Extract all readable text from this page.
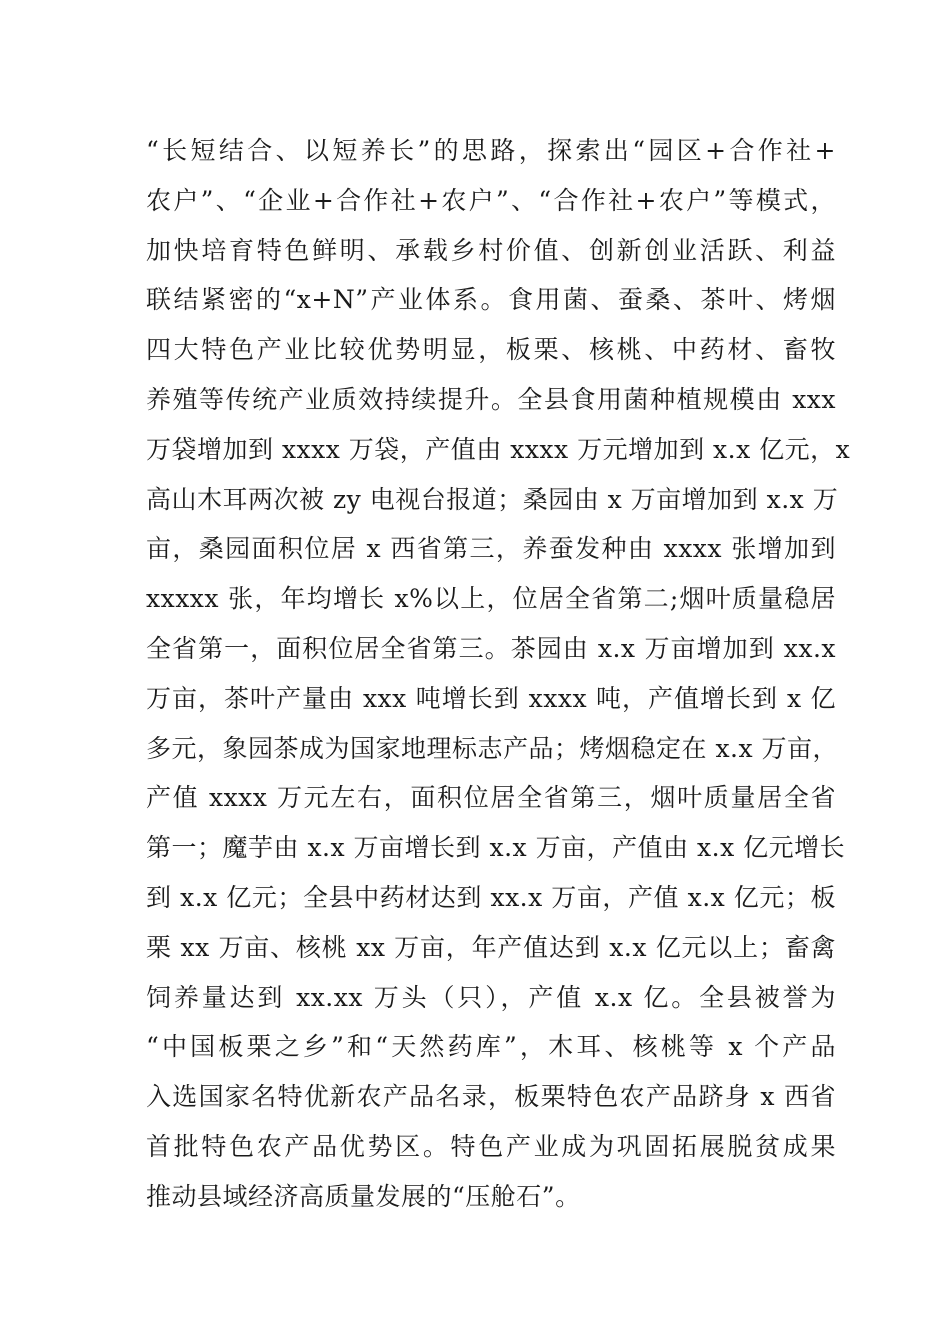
“长短结合、以短养长”的思路，探索出“园区+合作社+
农户”、“企业+合作社+农户”、“合作社+农户”等模式，
加快培育特色鲜明、承载乡村价值、创新创业活跃、利益
联结紧密的“x+N”产业体系。食用菌、蚕桑、茶叶、烤烟
四大特色产业比较优势明显，板栗、核桃、中药材、畜牧
养殖等传统产业质效持续提升。全县食用菌种植规模由 xxx
万袋增加到 xxxx 万袋，产值由 xxxx 万元增加到 x.x 亿元，x
高山木耳两次被 zy 电视台报道；桑园由 x 万亩增加到 x.x 万
亩，桑园面积位居 x 西省第三，养蚕发种由 xxxx 张增加到
xxxxx 张，年均增长 x%以上，位居全省第二;烟叶质量稳居
全省第一，面积位居全省第三。茶园由 x.x 万亩增加到 xx.x
万亩，茶叶产量由 xxx 吨增长到 xxxx 吨，产值增长到 x 亿
多元，象园茶成为国家地理标志产品；烤烟稳定在 x.x 万亩，
产值 xxxx 万元左右，面积位居全省第三，烟叶质量居全省
第一；魔芋由 x.x 万亩增长到 x.x 万亩，产值由 x.x 亿元增长
到 x.x 亿元；全县中药材达到 xx.x 万亩，产值 x.x 亿元；板
栗 xx 万亩、核桃 xx 万亩，年产值达到 x.x 亿元以上；畜禽
饲养量达到 xx.xx 万头（只），产值 x.x 亿。全县被誉为
“中国板栗之乡”和“天然药库”，木耳、核桃等 x 个产品
入选国家名特优新农产品名录，板栗特色农产品跻身 x 西省
首批特色农产品优势区。特色产业成为巩固拓展脱贫成果
推动县域经济高质量发展的“压舱石”。
